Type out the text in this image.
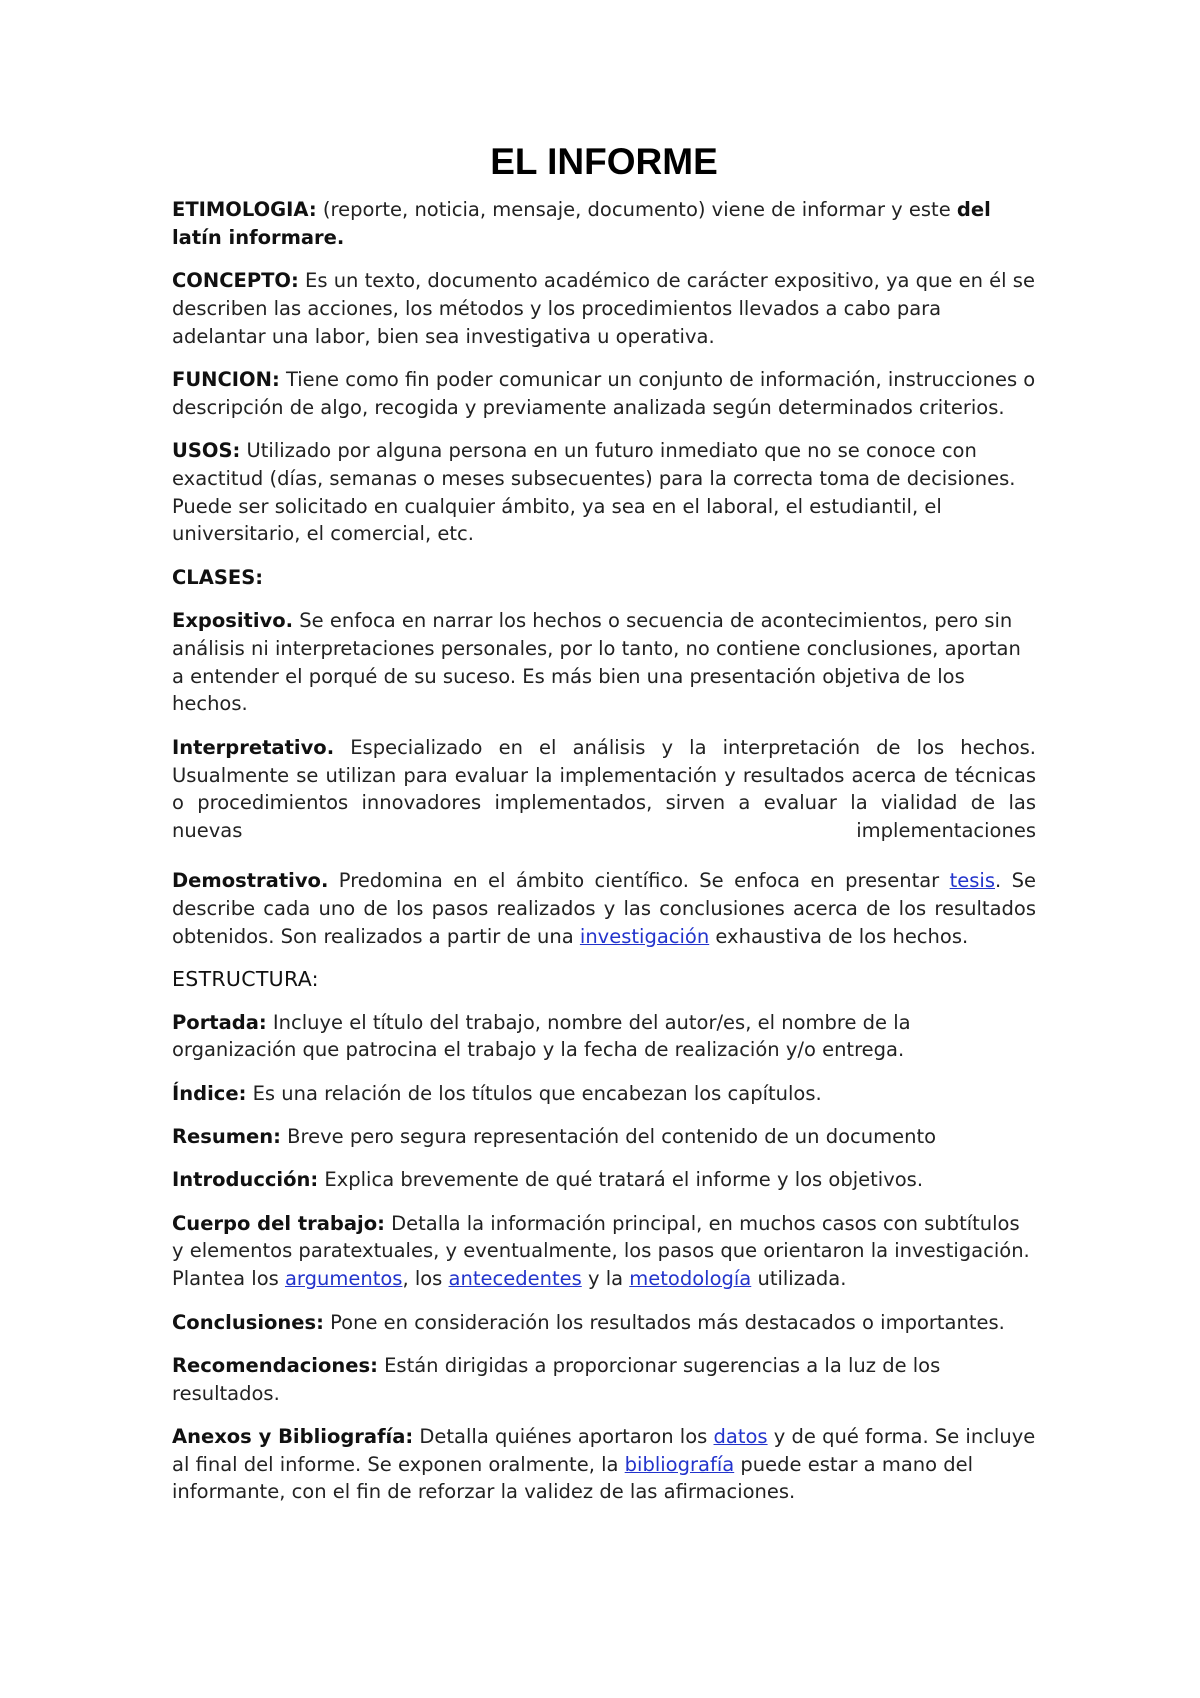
EL INFORME

ETIMOLOGIA: (reporte, noticia, mensaje, documento) viene de informar y este del latín informare.

CONCEPTO: Es un texto, documento académico de carácter expositivo, ya que en él se describen las acciones, los métodos y los procedimientos llevados a cabo para adelantar una labor, bien sea investigativa u operativa.

FUNCION: Tiene como fin poder comunicar un conjunto de información, instrucciones o descripción de algo, recogida y previamente analizada según determinados criterios.

USOS: Utilizado por alguna persona en un futuro inmediato que no se conoce con exactitud (días, semanas o meses subsecuentes) para la correcta toma de decisiones. Puede ser solicitado en cualquier ámbito, ya sea en el laboral, el estudiantil, el universitario, el comercial, etc.

CLASES:

Expositivo. Se enfoca en narrar los hechos o secuencia de acontecimientos, pero sin análisis ni interpretaciones personales, por lo tanto, no contiene conclusiones, aportan a entender el porqué de su suceso. Es más bien una presentación objetiva de los hechos.

Interpretativo. Especializado en el análisis y la interpretación de los hechos. Usualmente se utilizan para evaluar la implementación y resultados acerca de técnicas o procedimientos innovadores implementados, sirven a evaluar la vialidad de las nuevas implementaciones

Demostrativo. Predomina en el ámbito científico. Se enfoca en presentar tesis. Se describe cada uno de los pasos realizados y las conclusiones acerca de los resultados obtenidos. Son realizados a partir de una investigación exhaustiva de los hechos.

ESTRUCTURA:

Portada: Incluye el título del trabajo, nombre del autor/es, el nombre de la organización que patrocina el trabajo y la fecha de realización y/o entrega.

Índice: Es una relación de los títulos que encabezan los capítulos.

Resumen: Breve pero segura representación del contenido de un documento

Introducción: Explica brevemente de qué tratará el informe y los objetivos.

Cuerpo del trabajo: Detalla la información principal, en muchos casos con subtítulos y elementos paratextuales, y eventualmente, los pasos que orientaron la investigación. Plantea los argumentos, los antecedentes y la metodología utilizada.

Conclusiones: Pone en consideración los resultados más destacados o importantes.

Recomendaciones: Están dirigidas a proporcionar sugerencias a la luz de los resultados.

Anexos y Bibliografía: Detalla quiénes aportaron los datos y de qué forma. Se incluye al final del informe. Se exponen oralmente, la bibliografía puede estar a mano del informante, con el fin de reforzar la validez de las afirmaciones.
